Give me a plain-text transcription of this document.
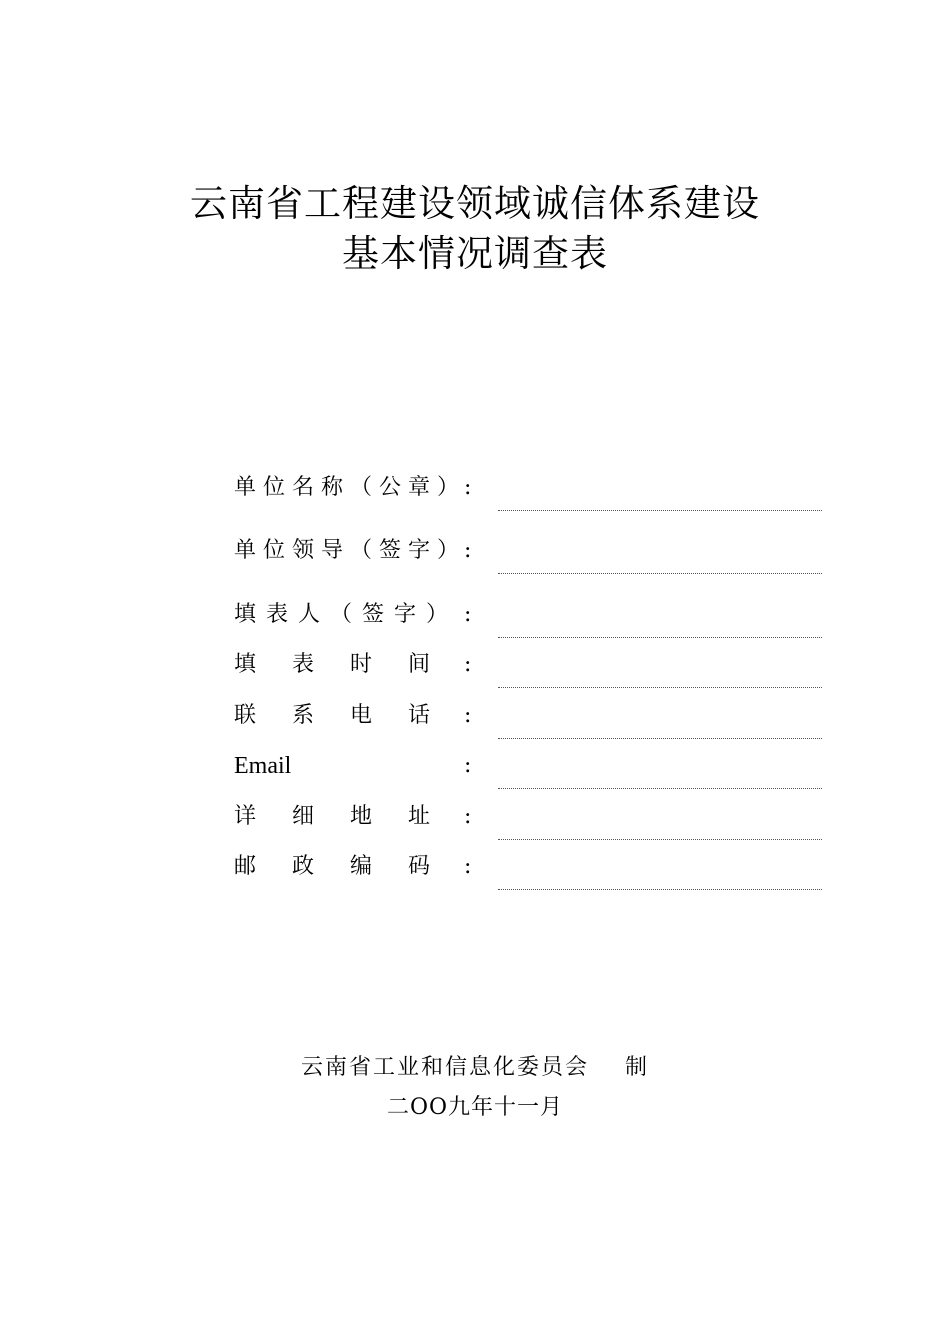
云南省工程建设领域诚信体系建设
基本情况调查表
单位名称（公章）
:
单位领导（签字）
:
填表人（签字） :
填表时间
:
联系电话
:
Email	:
详细地址
:
邮政编码
:
云南省工业和信息化委员会 制
二OO九年十一月
